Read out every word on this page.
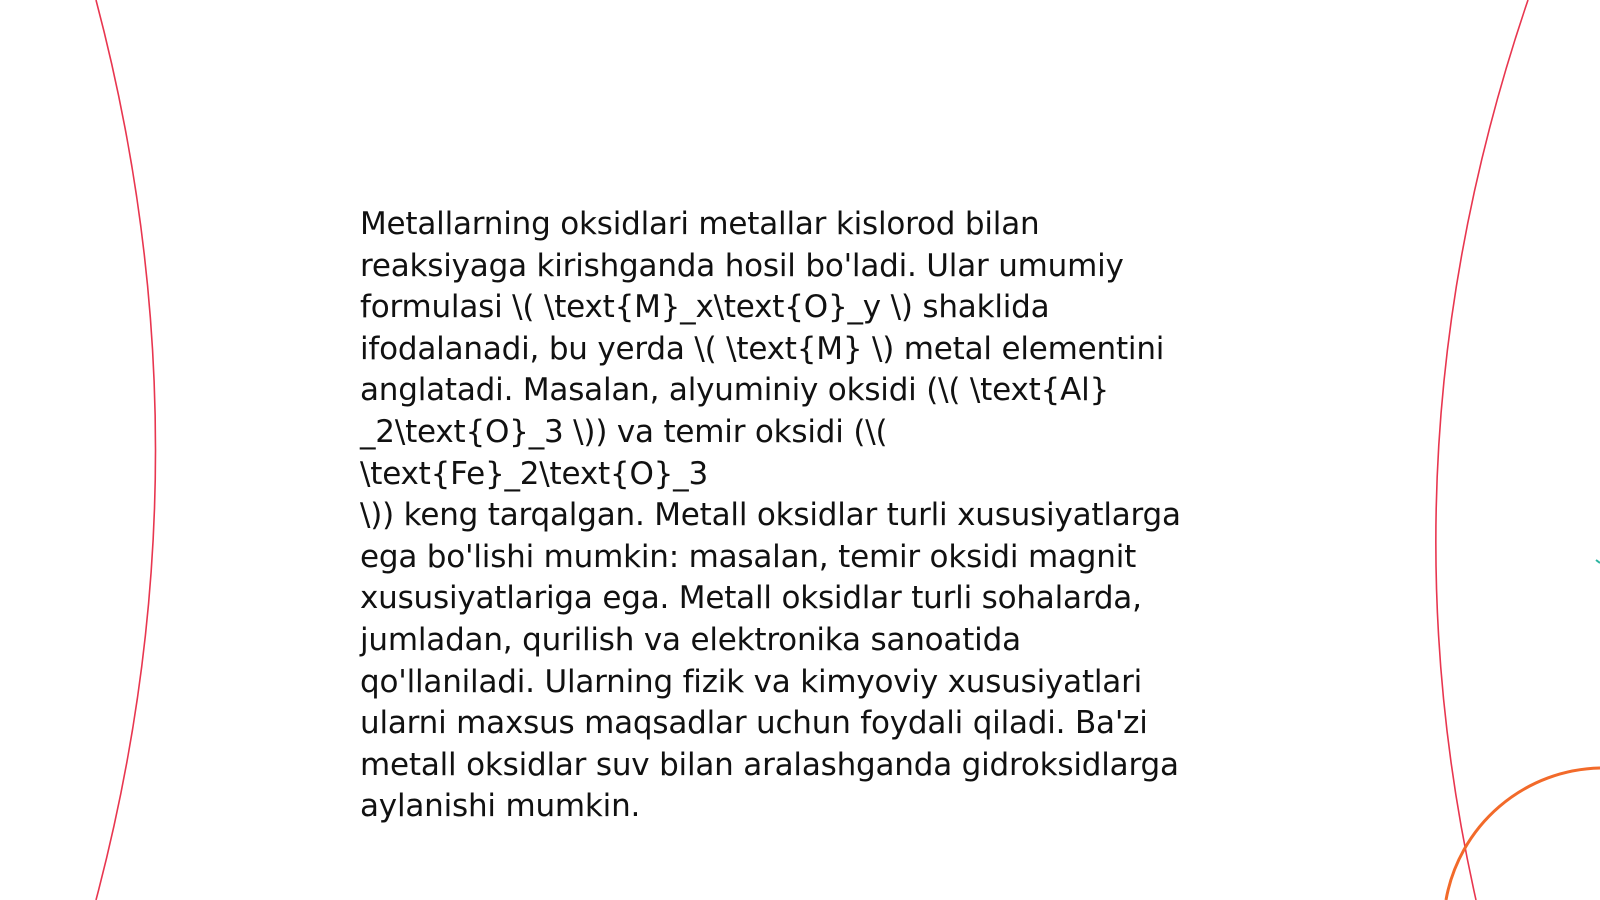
Metallarning oksidlari metallar kislorod bilan
reaksiyaga kirishganda hosil bo'ladi. Ular umumiy
formulasi \( \text{M}_x\text{O}_y \) shaklida
ifodalanadi, bu yerda \( \text{M} \) metal elementini
anglatadi. Masalan, alyuminiy oksidi (\( \text{Al}
_2\text{O}_3 \)) va temir oksidi (\( \text{Fe}_2\text{O}_3
\)) keng tarqalgan. Metall oksidlar turli xususiyatlarga
ega bo'lishi mumkin: masalan, temir oksidi magnit
xususiyatlariga ega. Metall oksidlar turli sohalarda,
jumladan, qurilish va elektronika sanoatida
qo'llaniladi. Ularning fizik va kimyoviy xususiyatlari
ularni maxsus maqsadlar uchun foydali qiladi. Ba'zi
metall oksidlar suv bilan aralashganda gidroksidlarga
aylanishi mumkin.
